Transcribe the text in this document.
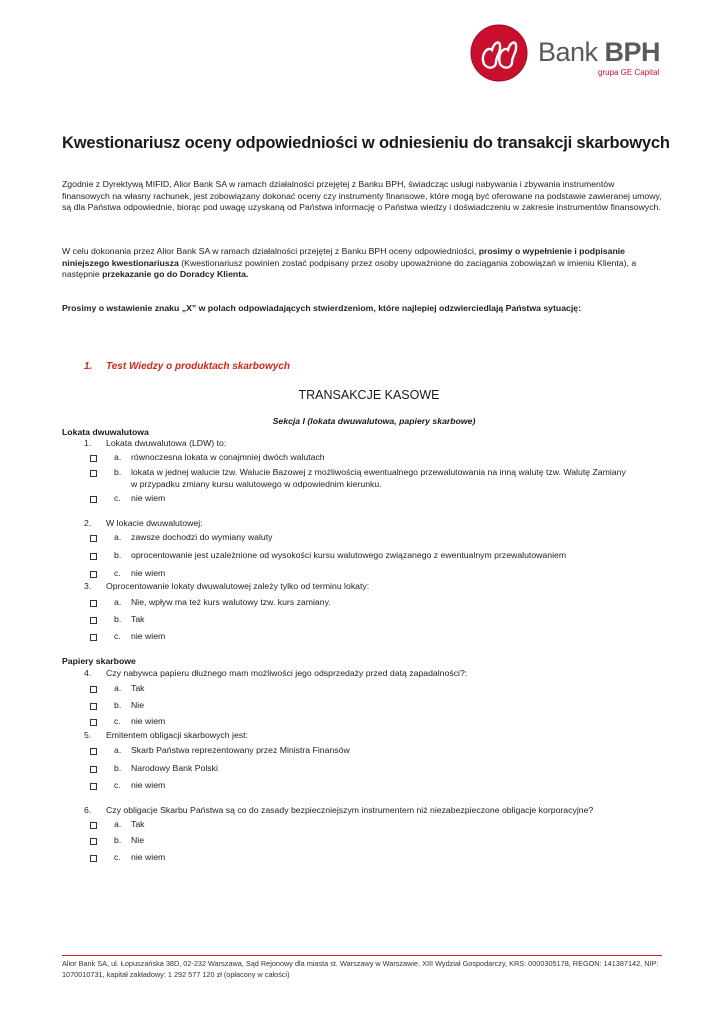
Bank BPH
grupa GE Capital
Kwestionariusz oceny odpowiedniości w odniesieniu do transakcji skarbowych

Zgodnie z Dyrektywą MIFID, Alior Bank SA w ramach działalności przejętej z Banku BPH, świadcząc usługi nabywania i zbywania instrumentów finansowych na własny rachunek, jest zobowiązany dokonać oceny czy instrumenty finansowe, które mogą być oferowane na podstawie zawieranej umowy, są dla Państwa odpowiednie, biorąc pod uwagę uzyskaną od Państwa informację o Państwa wiedzy i doświadczeniu w zakresie instrumentów finansowych.

W celu dokonania przez Alior Bank SA w ramach działalności przejętej z Banku BPH oceny odpowiedniości, prosimy o wypełnienie i podpisanie niniejszego kwestionariusza (Kwestionariusz powinien zostać podpisany przez osoby upoważnione do zaciągania zobowiązań w imieniu Klienta), a następnie przekazanie go do Doradcy Klienta.

Prosimy o wstawienie znaku „X” w polach odpowiadających stwierdzeniom, które najlepiej odzwierciedlają Państwa sytuację:

1. Test Wiedzy o produktach skarbowych
TRANSAKCJE KASOWE
Sekcja I (lokata dwuwalutowa, papiery skarbowe)
Lokata dwuwalutowa
1. Lokata dwuwalutowa (LDW) to:
a. równoczesna lokata w conajmniej dwóch walutach
b. lokata w jednej walucie tzw. Walucie Bazowej z możliwością ewentualnego przewalutowania na inną walutę tzw. Walutę Zamiany w przypadku zmiany kursu walutowego w odpowiednim kierunku.
c. nie wiem
2. W lokacie dwuwalutowej:
a. zawsze dochodzi do wymiany waluty
b. oprocentowanie jest uzależnione od wysokości kursu walutowego związanego z ewentualnym przewalutowaniem
c. nie wiem
3. Oprocentowanie lokaty dwuwalutowej zależy tylko od terminu lokaty:
a. Nie, wpływ ma też kurs walutowy tzw. kurs zamiany.
b. Tak
c. nie wiem
Papiery skarbowe
4. Czy nabywca papieru dłużnego mam możliwości jego odsprzedaży przed datą zapadalności?:
a. Tak
b. Nie
c. nie wiem
5. Emitentem obligacji skarbowych jest:
a. Skarb Państwa reprezentowany przez Ministra Finansów
b. Narodowy Bank Polski
c. nie wiem
6. Czy obligacje Skarbu Państwa są co do zasady bezpieczniejszym instrumentem niż niezabezpieczone obligacje korporacyjne?
a. Tak
b. Nie
c. nie wiem

Alior Bank SA, ul. Łopuszańska 38D, 02-232 Warszawa, Sąd Rejonowy dla miasta st. Warszawy w Warszawie, XIII Wydział Gospodarczy, KRS: 0000305178, REGON: 141387142, NIP: 1070010731, kapitał zakładowy: 1 292 577 120 zł (opłacony w całości)
